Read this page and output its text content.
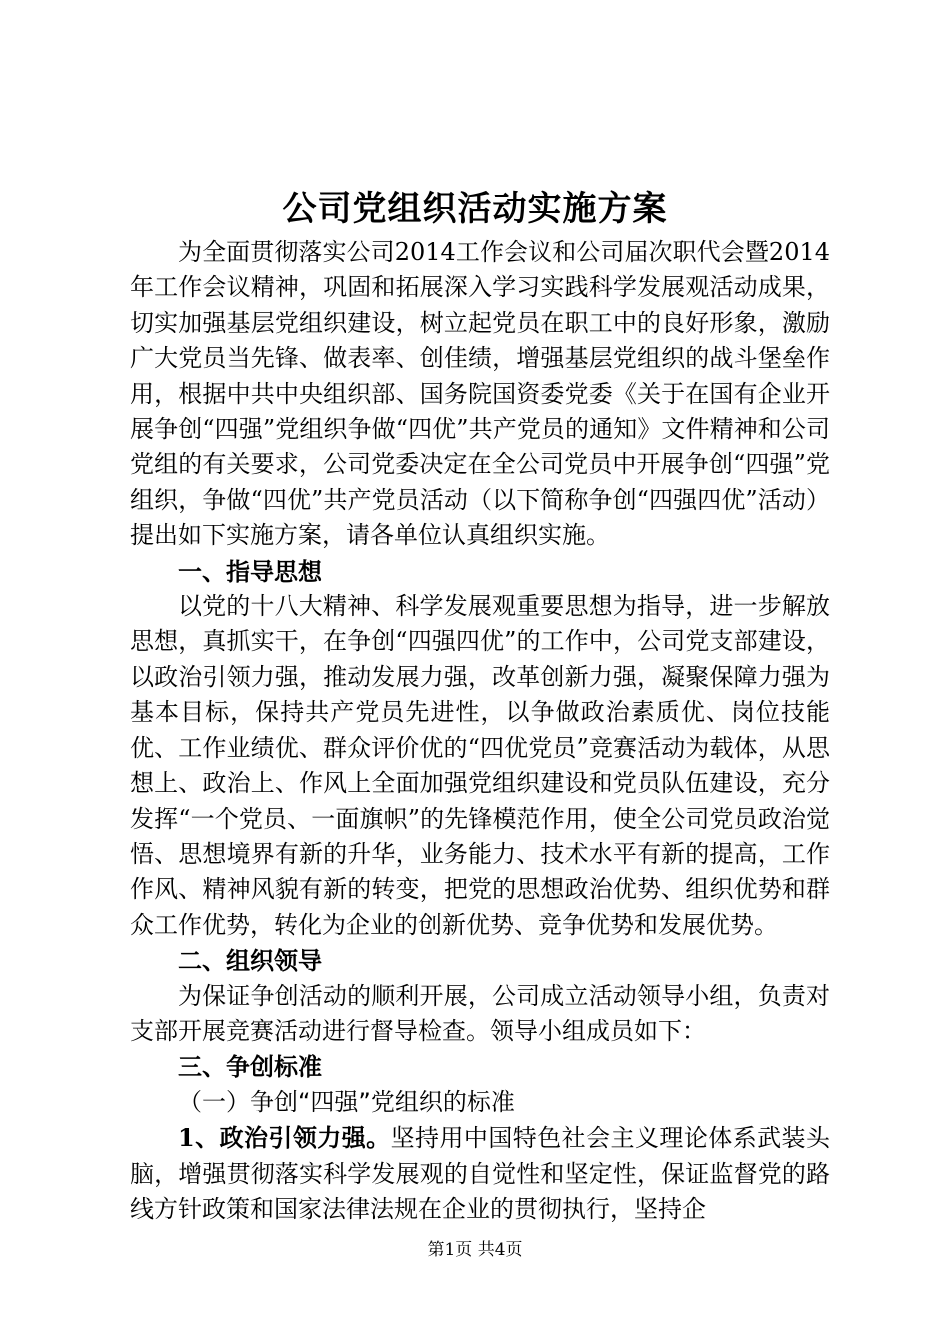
公司党组织活动实施方案

为全面贯彻落实公司2014工作会议和公司届次职代会暨2014年工作会议精神，巩固和拓展深入学习实践科学发展观活动成果，切实加强基层党组织建设，树立起党员在职工中的良好形象，激励广大党员当先锋、做表率、创佳绩，增强基层党组织的战斗堡垒作用，根据中共中央组织部、国务院国资委党委《关于在国有企业开展争创“四强”党组织争做“四优”共产党员的通知》文件精神和公司党组的有关要求，公司党委决定在全公司党员中开展争创“四强”党组织，争做“四优”共产党员活动（以下简称争创“四强四优”活动）提出如下实施方案，请各单位认真组织实施。

一、指导思想

以党的十八大精神、科学发展观重要思想为指导，进一步解放思想，真抓实干，在争创“四强四优”的工作中，公司党支部建设，以政治引领力强，推动发展力强，改革创新力强，凝聚保障力强为基本目标，保持共产党员先进性，以争做政治素质优、岗位技能优、工作业绩优、群众评价优的“四优党员”竞赛活动为载体，从思想上、政治上、作风上全面加强党组织建设和党员队伍建设，充分发挥“一个党员、一面旗帜”的先锋模范作用，使全公司党员政治觉悟、思想境界有新的升华，业务能力、技术水平有新的提高，工作作风、精神风貌有新的转变，把党的思想政治优势、组织优势和群众工作优势，转化为企业的创新优势、竞争优势和发展优势。

二、组织领导

为保证争创活动的顺利开展，公司成立活动领导小组，负责对支部开展竞赛活动进行督导检查。领导小组成员如下：

三、争创标准

（一）争创“四强”党组织的标准

1、政治引领力强。坚持用中国特色社会主义理论体系武装头脑，增强贯彻落实科学发展观的自觉性和坚定性，保证监督党的路线方针政策和国家法律法规在企业的贯彻执行，坚持企

第1页 共4页
